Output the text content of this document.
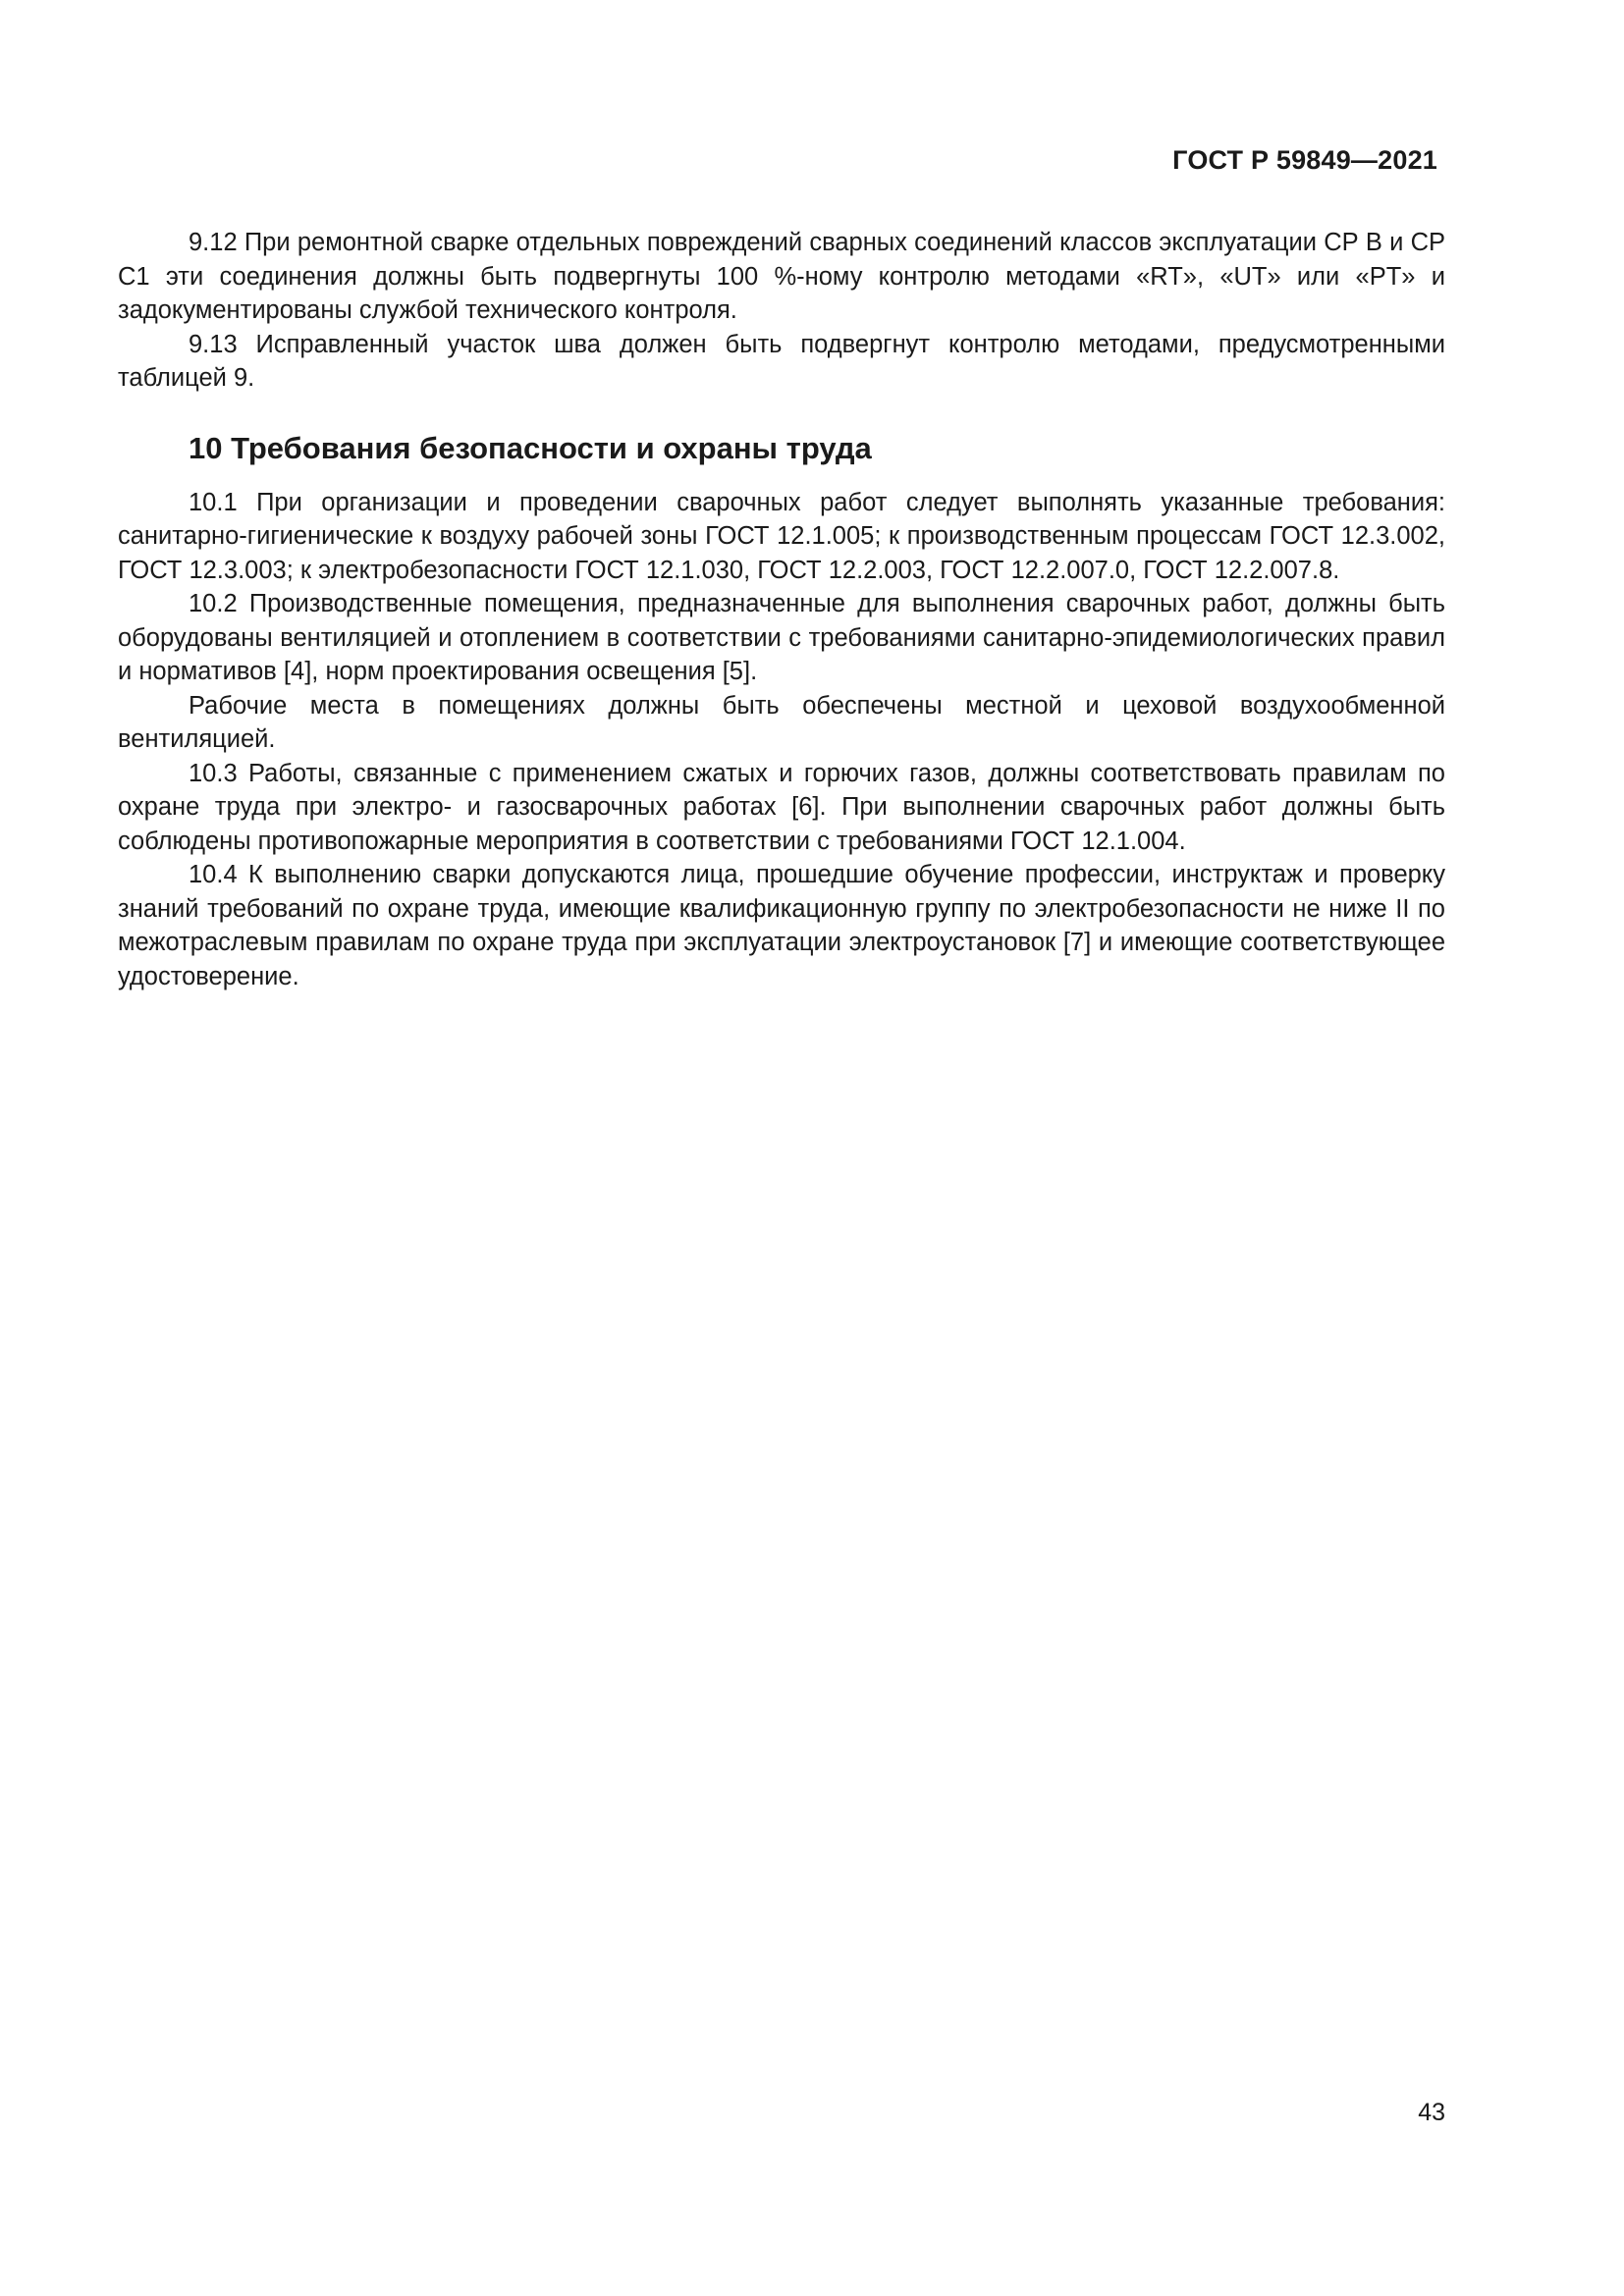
ГОСТ Р 59849—2021

9.12 При ремонтной сварке отдельных повреждений сварных соединений классов эксплуатации СР В и СР С1 эти соединения должны быть подвергнуты 100 %-ному контролю методами «RT», «UT» или «PT» и задокументированы службой технического контроля.

9.13 Исправленный участок шва должен быть подвергнут контролю методами, предусмотренными таблицей 9.

10 Требования безопасности и охраны труда

10.1 При организации и проведении сварочных работ следует выполнять указанные требования: санитарно-гигиенические к воздуху рабочей зоны ГОСТ 12.1.005; к производственным процессам ГОСТ 12.3.002, ГОСТ 12.3.003; к электробезопасности ГОСТ 12.1.030, ГОСТ 12.2.003, ГОСТ 12.2.007.0, ГОСТ 12.2.007.8.

10.2 Производственные помещения, предназначенные для выполнения сварочных работ, должны быть оборудованы вентиляцией и отоплением в соответствии с требованиями санитарно-эпидемиологических правил и нормативов [4], норм проектирования освещения [5].

Рабочие места в помещениях должны быть обеспечены местной и цеховой воздухообменной вентиляцией.

10.3 Работы, связанные с применением сжатых и горючих газов, должны соответствовать правилам по охране труда при электро- и газосварочных работах [6]. При выполнении сварочных работ должны быть соблюдены противопожарные мероприятия в соответствии с требованиями ГОСТ 12.1.004.

10.4 К выполнению сварки допускаются лица, прошедшие обучение профессии, инструктаж и проверку знаний требований по охране труда, имеющие квалификационную группу по электробезопасности не ниже II по межотраслевым правилам по охране труда при эксплуатации электроустановок [7] и имеющие соответствующее удостоверение.

43
